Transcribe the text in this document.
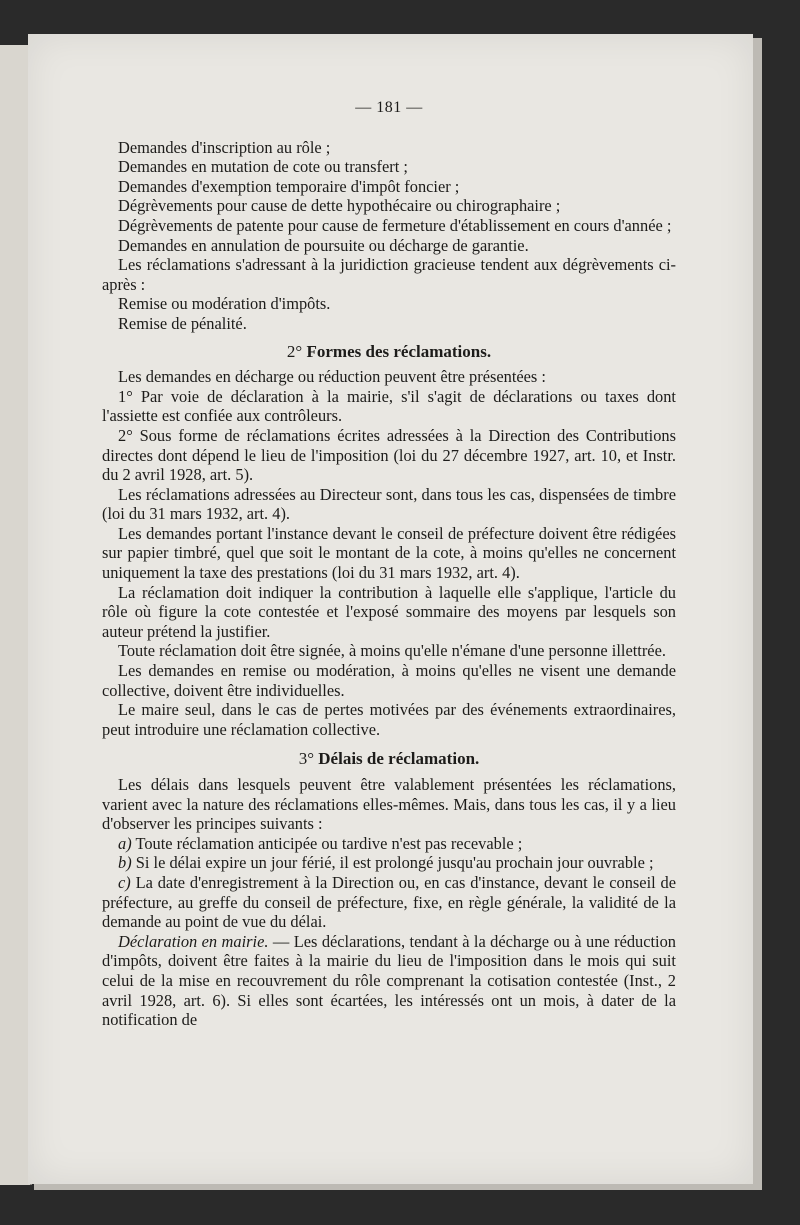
— 181 —

Demandes d'inscription au rôle ;

Demandes en mutation de cote ou transfert ;

Demandes d'exemption temporaire d'impôt foncier ;

Dégrèvements pour cause de dette hypothécaire ou chirographaire ;

Dégrèvements de patente pour cause de fermeture d'établissement en cours d'année ;

Demandes en annulation de poursuite ou décharge de garantie.

Les réclamations s'adressant à la juridiction gracieuse tendent aux dégrèvements ci-après :

Remise ou modération d'impôts.

Remise de pénalité.

2° Formes des réclamations.

Les demandes en décharge ou réduction peuvent être présentées :

1° Par voie de déclaration à la mairie, s'il s'agit de déclarations ou taxes dont l'assiette est confiée aux contrôleurs.

2° Sous forme de réclamations écrites adressées à la Direction des Contributions directes dont dépend le lieu de l'imposition (loi du 27 décembre 1927, art. 10, et Instr. du 2 avril 1928, art. 5).

Les réclamations adressées au Directeur sont, dans tous les cas, dispensées de timbre (loi du 31 mars 1932, art. 4).

Les demandes portant l'instance devant le conseil de préfecture doivent être rédigées sur papier timbré, quel que soit le montant de la cote, à moins qu'elles ne concernent uniquement la taxe des prestations (loi du 31 mars 1932, art. 4).

La réclamation doit indiquer la contribution à laquelle elle s'applique, l'article du rôle où figure la cote contestée et l'exposé sommaire des moyens par lesquels son auteur prétend la justifier.

Toute réclamation doit être signée, à moins qu'elle n'émane d'une personne illettrée.

Les demandes en remise ou modération, à moins qu'elles ne visent une demande collective, doivent être individuelles.

Le maire seul, dans le cas de pertes motivées par des événements extraordinaires, peut introduire une réclamation collective.

3° Délais de réclamation.

Les délais dans lesquels peuvent être valablement présentées les réclamations, varient avec la nature des réclamations elles-mêmes. Mais, dans tous les cas, il y a lieu d'observer les principes suivants :

a) Toute réclamation anticipée ou tardive n'est pas recevable ;

b) Si le délai expire un jour férié, il est prolongé jusqu'au prochain jour ouvrable ;

c) La date d'enregistrement à la Direction ou, en cas d'instance, devant le conseil de préfecture, au greffe du conseil de préfecture, fixe, en règle générale, la validité de la demande au point de vue du délai.

Déclaration en mairie. — Les déclarations, tendant à la décharge ou à une réduction d'impôts, doivent être faites à la mairie du lieu de l'imposition dans le mois qui suit celui de la mise en recouvrement du rôle comprenant la cotisation contestée (Inst., 2 avril 1928, art. 6). Si elles sont écartées, les intéressés ont un mois, à dater de la notification de
